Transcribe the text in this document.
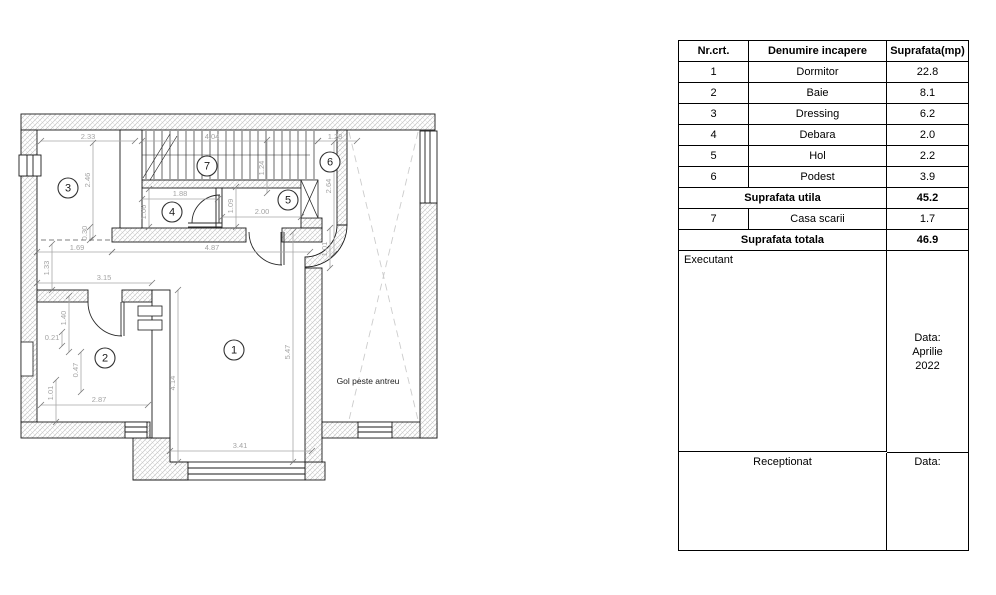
2.33	4.04	1.28
2.46
1.24
2.64
1.88
1.06	1.09	2.00
0.30
1.69	4.87	1.01
1.33
3.15
1.40
0.21
0.47
1.01	2.87
4.14
5.47
3.41
1
2
3
4
5
6
7
Gol peste antreu
Nr.crt.	Denumire incapere	Suprafata(mp)
1	Dormitor	22.8
2	Baie	8.1
3	Dressing	6.2
4	Debara	2.0
5	Hol	2.2
6	Podest	3.9
Suprafata utila	45.2
7	Casa scarii	1.7
Suprafata totala	46.9
Executant
Data:
Aprilie
2022
Receptionat	Data:
